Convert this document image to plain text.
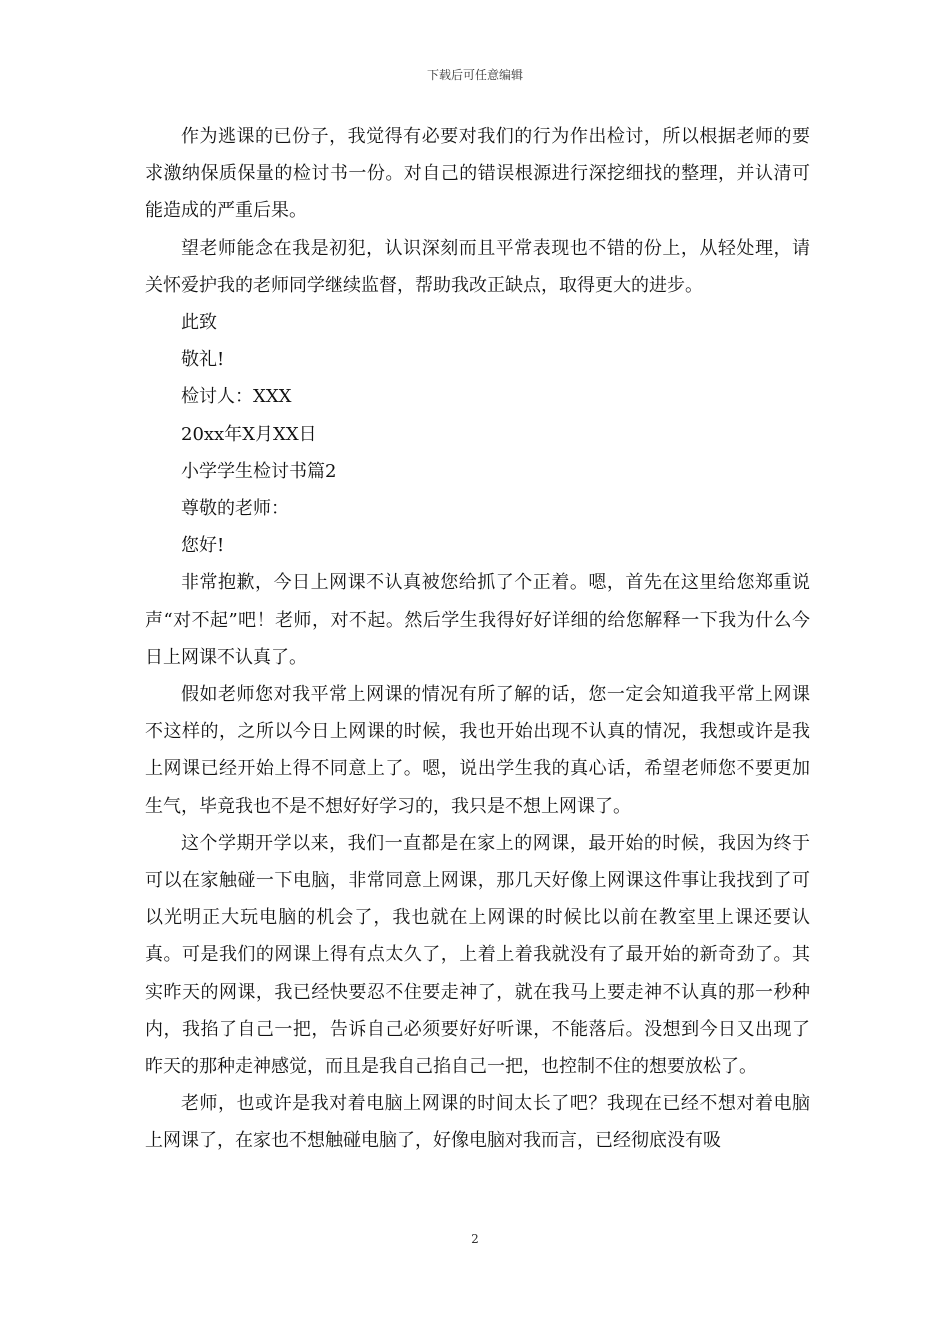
下载后可任意编辑

作为逃课的已份子，我觉得有必要对我们的行为作出检讨，所以根据老师的要求激纳保质保量的检讨书一份。对自己的错误根源进行深挖细找的整理，并认清可能造成的严重后果。

望老师能念在我是初犯，认识深刻而且平常表现也不错的份上，从轻处理，请关怀爱护我的老师同学继续监督，帮助我改正缺点，取得更大的进步。

此致

敬礼!

检讨人：XXX

20xx年X月XX日

小学学生检讨书篇2

尊敬的老师：

您好!

非常抱歉，今日上网课不认真被您给抓了个正着。嗯，首先在这里给您郑重说声“对不起”吧！老师，对不起。然后学生我得好好详细的给您解释一下我为什么今日上网课不认真了。

假如老师您对我平常上网课的情况有所了解的话，您一定会知道我平常上网课不这样的，之所以今日上网课的时候，我也开始出现不认真的情况，我想或许是我上网课已经开始上得不同意上了。嗯，说出学生我的真心话，希望老师您不要更加生气，毕竟我也不是不想好好学习的，我只是不想上网课了。

这个学期开学以来，我们一直都是在家上的网课，最开始的时候，我因为终于可以在家触碰一下电脑，非常同意上网课，那几天好像上网课这件事让我找到了可以光明正大玩电脑的机会了，我也就在上网课的时候比以前在教室里上课还要认真。可是我们的网课上得有点太久了，上着上着我就没有了最开始的新奇劲了。其实昨天的网课，我已经快要忍不住要走神了，就在我马上要走神不认真的那一秒种内，我掐了自己一把，告诉自己必须要好好听课，不能落后。没想到今日又出现了昨天的那种走神感觉，而且是我自己掐自己一把，也控制不住的想要放松了。

老师，也或许是我对着电脑上网课的时间太长了吧？我现在已经不想对着电脑上网课了，在家也不想触碰电脑了，好像电脑对我而言，已经彻底没有吸

2
